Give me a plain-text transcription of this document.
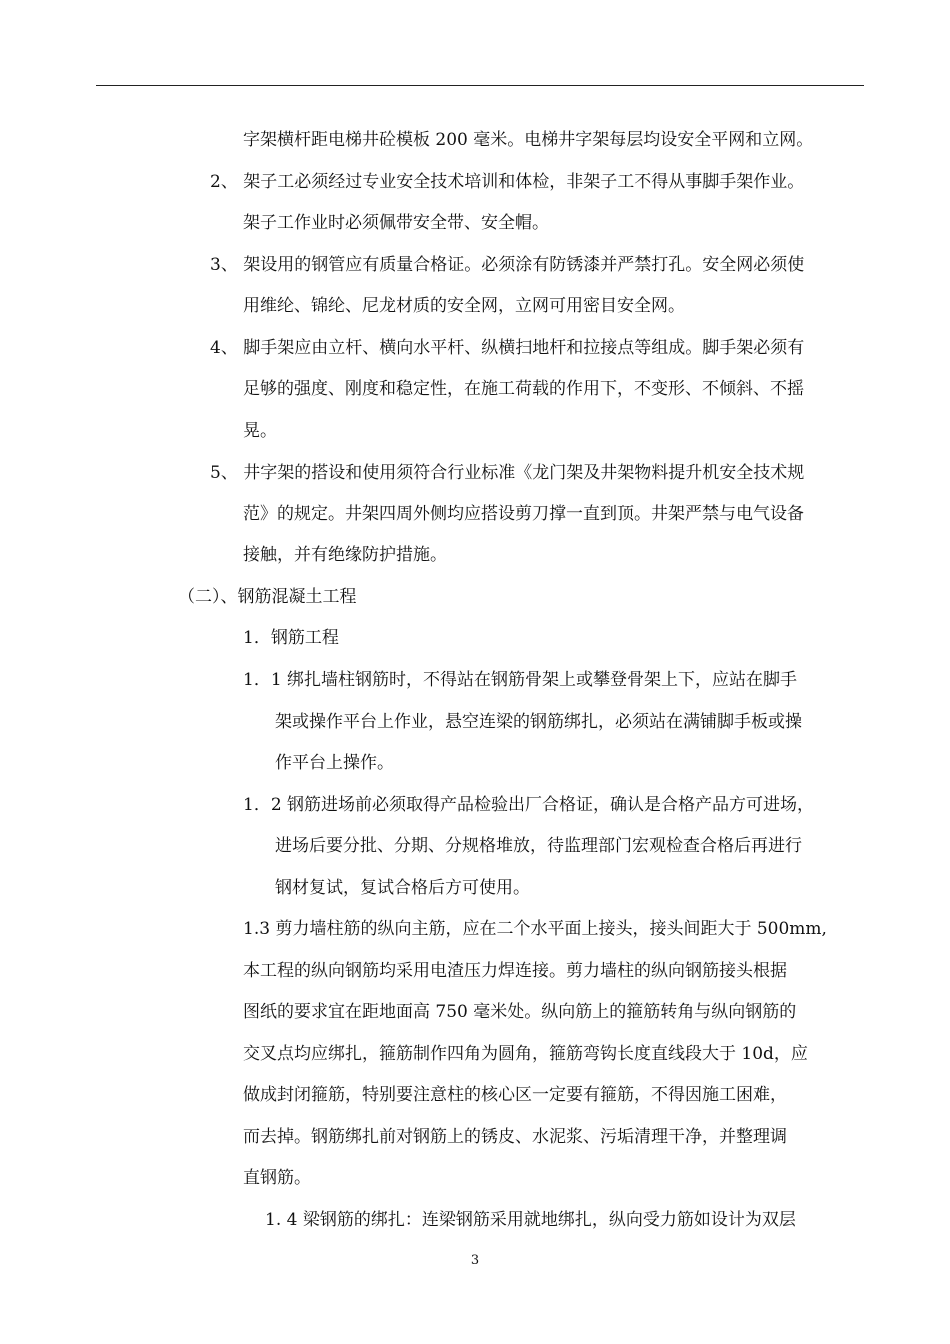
字架横杆距电梯井砼模板 200 毫米。电梯井字架每层均设安全平网和立网。
2、 架子工必须经过专业安全技术培训和体检，非架子工不得从事脚手架作业。
架子工作业时必须佩带安全带、安全帽。
3、 架设用的钢管应有质量合格证。必须涂有防锈漆并严禁打孔。安全网必须使
用维纶、锦纶、尼龙材质的安全网，立网可用密目安全网。
4、 脚手架应由立杆、横向水平杆、纵横扫地杆和拉接点等组成。脚手架必须有
足够的强度、刚度和稳定性，在施工荷载的作用下，不变形、不倾斜、不摇
晃。
5、 井字架的搭设和使用须符合行业标准《龙门架及井架物料提升机安全技术规
范》的规定。井架四周外侧均应搭设剪刀撑一直到顶。井架严禁与电气设备
接触，并有绝缘防护措施。
（二）、钢筋混凝土工程
1．钢筋工程
1．1 绑扎墙柱钢筋时，不得站在钢筋骨架上或攀登骨架上下，应站在脚手
架或操作平台上作业，悬空连梁的钢筋绑扎，必须站在满铺脚手板或操
作平台上操作。
1．2 钢筋进场前必须取得产品检验出厂合格证，确认是合格产品方可进场，
进场后要分批、分期、分规格堆放，待监理部门宏观检查合格后再进行
钢材复试，复试合格后方可使用。
1.3 剪力墙柱筋的纵向主筋，应在二个水平面上接头，接头间距大于 500mm,
本工程的纵向钢筋均采用电渣压力焊连接。剪力墙柱的纵向钢筋接头根据
图纸的要求宜在距地面高 750 毫米处。纵向筋上的箍筋转角与纵向钢筋的
交叉点均应绑扎，箍筋制作四角为圆角，箍筋弯钩长度直线段大于 10d，应
做成封闭箍筋，特别要注意柱的核心区一定要有箍筋，不得因施工困难，
而去掉。钢筋绑扎前对钢筋上的锈皮、水泥浆、污垢清理干净，并整理调
直钢筋。
1. 4 梁钢筋的绑扎：连梁钢筋采用就地绑扎，纵向受力筋如设计为双层
3
